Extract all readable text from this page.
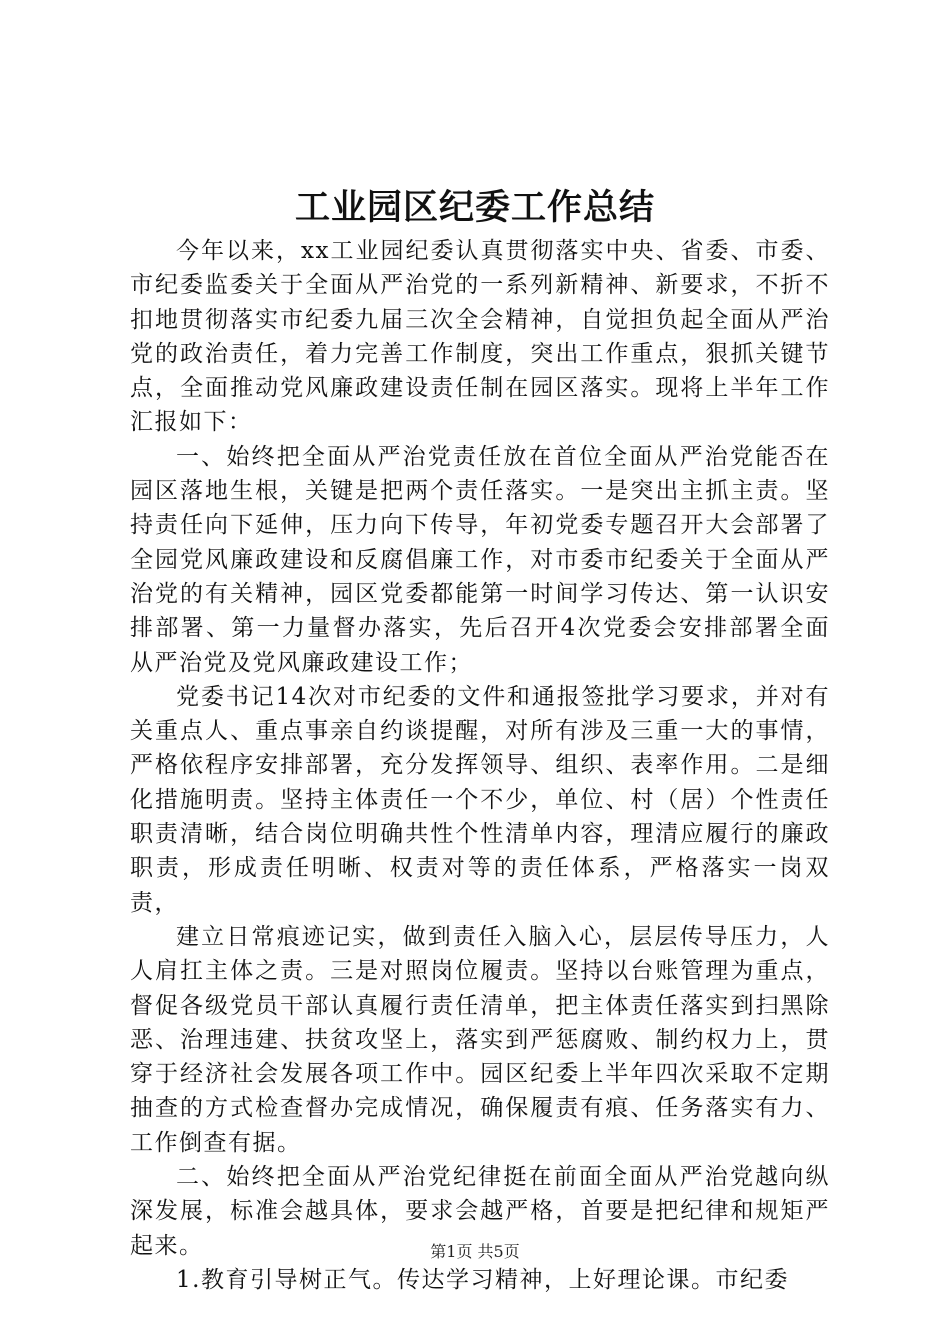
工业园区纪委工作总结

今年以来，xx工业园纪委认真贯彻落实中央、省委、市委、市纪委监委关于全面从严治党的一系列新精神、新要求，不折不扣地贯彻落实市纪委九届三次全会精神，自觉担负起全面从严治党的政治责任，着力完善工作制度，突出工作重点，狠抓关键节点，全面推动党风廉政建设责任制在园区落实。现将上半年工作汇报如下：

一、始终把全面从严治党责任放在首位全面从严治党能否在园区落地生根，关键是把两个责任落实。一是突出主抓主责。坚持责任向下延伸，压力向下传导，年初党委专题召开大会部署了全园党风廉政建设和反腐倡廉工作，对市委市纪委关于全面从严治党的有关精神，园区党委都能第一时间学习传达、第一认识安排部署、第一力量督办落实，先后召开4次党委会安排部署全面从严治党及党风廉政建设工作；

党委书记14次对市纪委的文件和通报签批学习要求，并对有关重点人、重点事亲自约谈提醒，对所有涉及三重一大的事情，严格依程序安排部署，充分发挥领导、组织、表率作用。二是细化措施明责。坚持主体责任一个不少，单位、村（居）个性责任职责清晰，结合岗位明确共性个性清单内容，理清应履行的廉政职责，形成责任明晰、权责对等的责任体系，严格落实一岗双责，

建立日常痕迹记实，做到责任入脑入心，层层传导压力，人人肩扛主体之责。三是对照岗位履责。坚持以台账管理为重点，督促各级党员干部认真履行责任清单，把主体责任落实到扫黑除恶、治理违建、扶贫攻坚上，落实到严惩腐败、制约权力上，贯穿于经济社会发展各项工作中。园区纪委上半年四次采取不定期抽查的方式检查督办完成情况，确保履责有痕、任务落实有力、工作倒查有据。

二、始终把全面从严治党纪律挺在前面全面从严治党越向纵深发展，标准会越具体，要求会越严格，首要是把纪律和规矩严起来。

1.教育引导树正气。传达学习精神，上好理论课。市纪委

第1页 共5页
